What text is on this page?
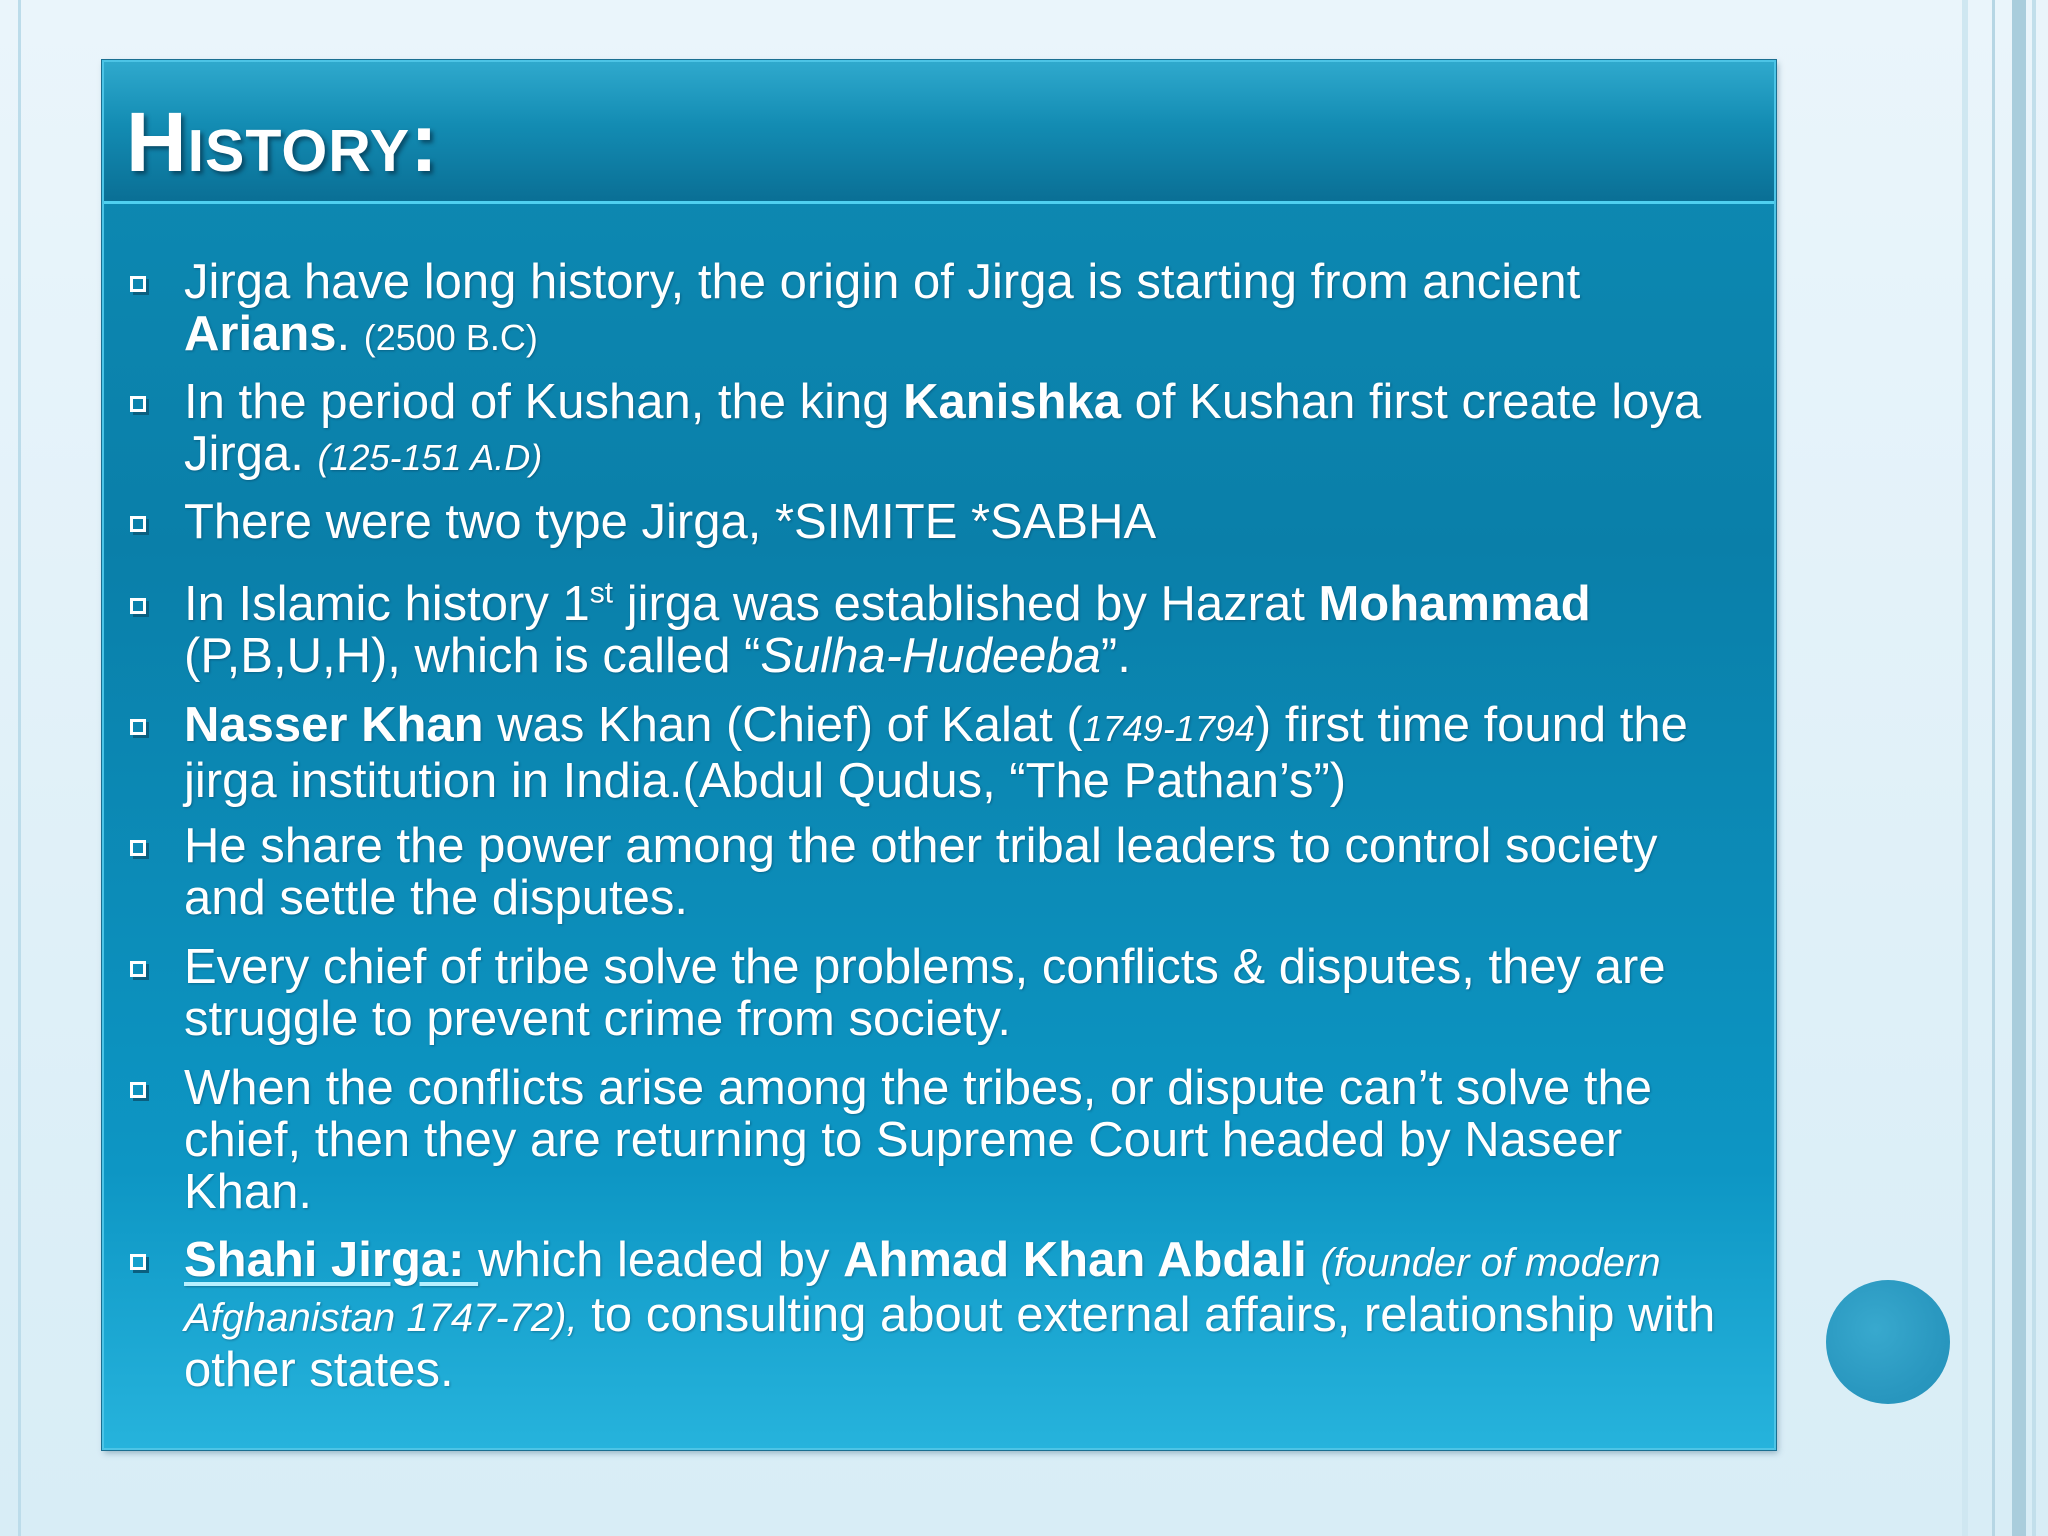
History:
Jirga have long history, the origin of Jirga is starting from ancient Arians. (2500 B.C)
In the period of Kushan, the king Kanishka of Kushan first create loya Jirga. (125-151 A.D)
There were two type Jirga, *SIMITE *SABHA
In Islamic history 1st jirga was established by Hazrat Mohammad (P,B,U,H), which is called “Sulha-Hudeeba”.
Nasser Khan was Khan (Chief) of Kalat (1749-1794) first time found the jirga institution in India.(Abdul Qudus, “The Pathan’s”)
He share the power among the other tribal leaders to control society and settle the disputes.
Every chief of tribe solve the problems, conflicts & disputes, they are struggle to prevent crime from society.
When the conflicts arise among the tribes, or dispute can’t solve the chief, then they are returning to Supreme Court headed by Naseer Khan.
Shahi Jirga: which leaded by Ahmad Khan Abdali (founder of modern Afghanistan 1747-72), to consulting about external affairs, relationship with other states.
